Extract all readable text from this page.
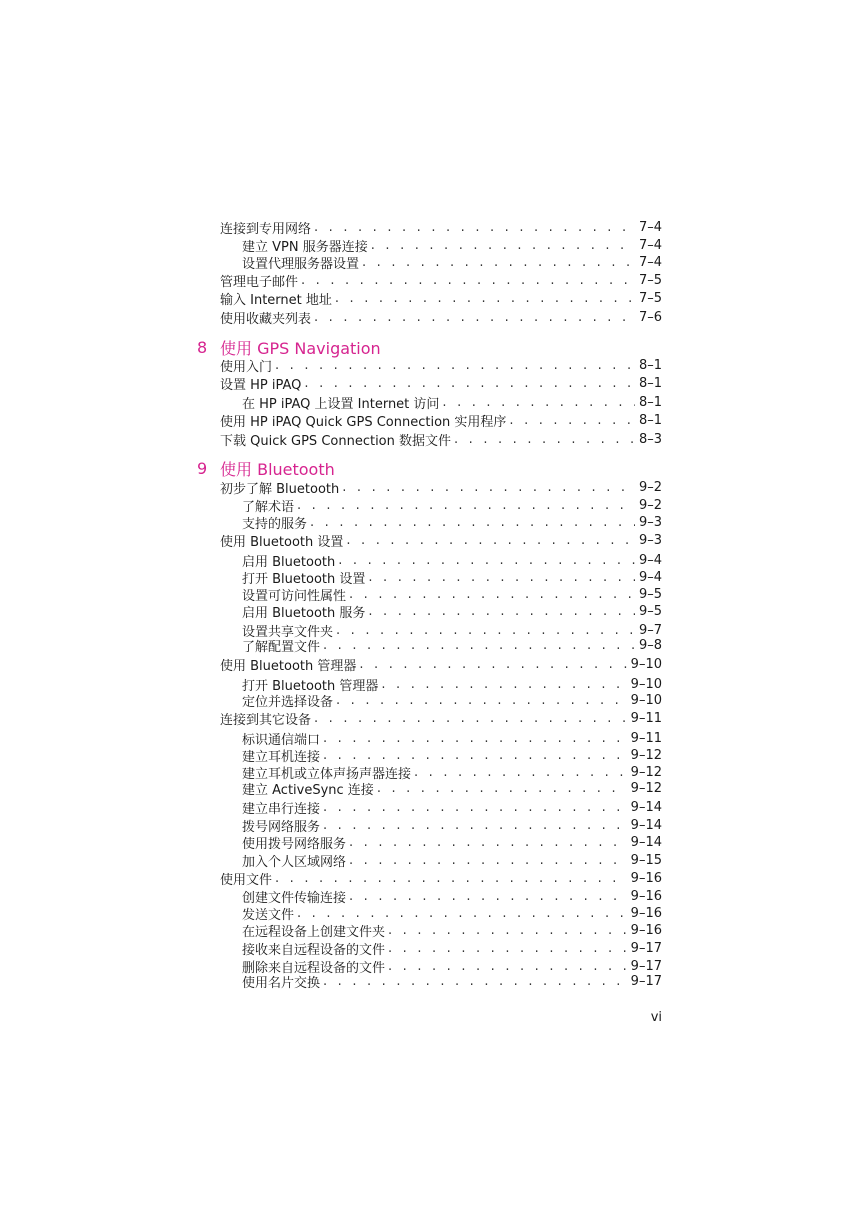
连接到专用网络 . . .	7–4
建立 VPN 服务器连接 . . .	7–4
设置代理服务器设置 . . .	7–4
管理电子邮件 . . .	7–5
输入 Internet 地址 . . .	7–5
使用收藏夹列表 . . .	7–6
8 使用 GPS Navigation
使用入门 . . .	8–1
设置 HP iPAQ . . .	8–1
在 HP iPAQ 上设置 Internet 访问 . . .	8–1
使用 HP iPAQ Quick GPS Connection 实用程序 . . .	8–1
下载 Quick GPS Connection 数据文件 . . .	8–3
9 使用 Bluetooth
初步了解 Bluetooth . . .	9–2
了解术语 . . .	9–2
支持的服务 . . .	9–3
使用 Bluetooth 设置 . . .	9–3
启用 Bluetooth . . .	9–4
打开 Bluetooth 设置 . . .	9–4
设置可访问性属性 . . .	9–5
启用 Bluetooth 服务 . . .	9–5
设置共享文件夹 . . .	9–7
了解配置文件 . . .	9–8
使用 Bluetooth 管理器 . . .	9–10
打开 Bluetooth 管理器 . . .	9–10
定位并选择设备 . . .	9–10
连接到其它设备 . . .	9–11
标识通信端口 . . .	9–11
建立耳机连接 . . .	9–12
建立耳机或立体声扬声器连接 . . .	9–12
建立 ActiveSync 连接 . . .	9–12
建立串行连接 . . .	9–14
拨号网络服务 . . .	9–14
使用拨号网络服务 . . .	9–14
加入个人区域网络 . . .	9–15
使用文件 . . .	9–16
创建文件传输连接 . . .	9–16
发送文件 . . .	9–16
在远程设备上创建文件夹 . . .	9–16
接收来自远程设备的文件 . . .	9–17
删除来自远程设备的文件 . . .	9–17
使用名片交换 . . .	9–17
vi
